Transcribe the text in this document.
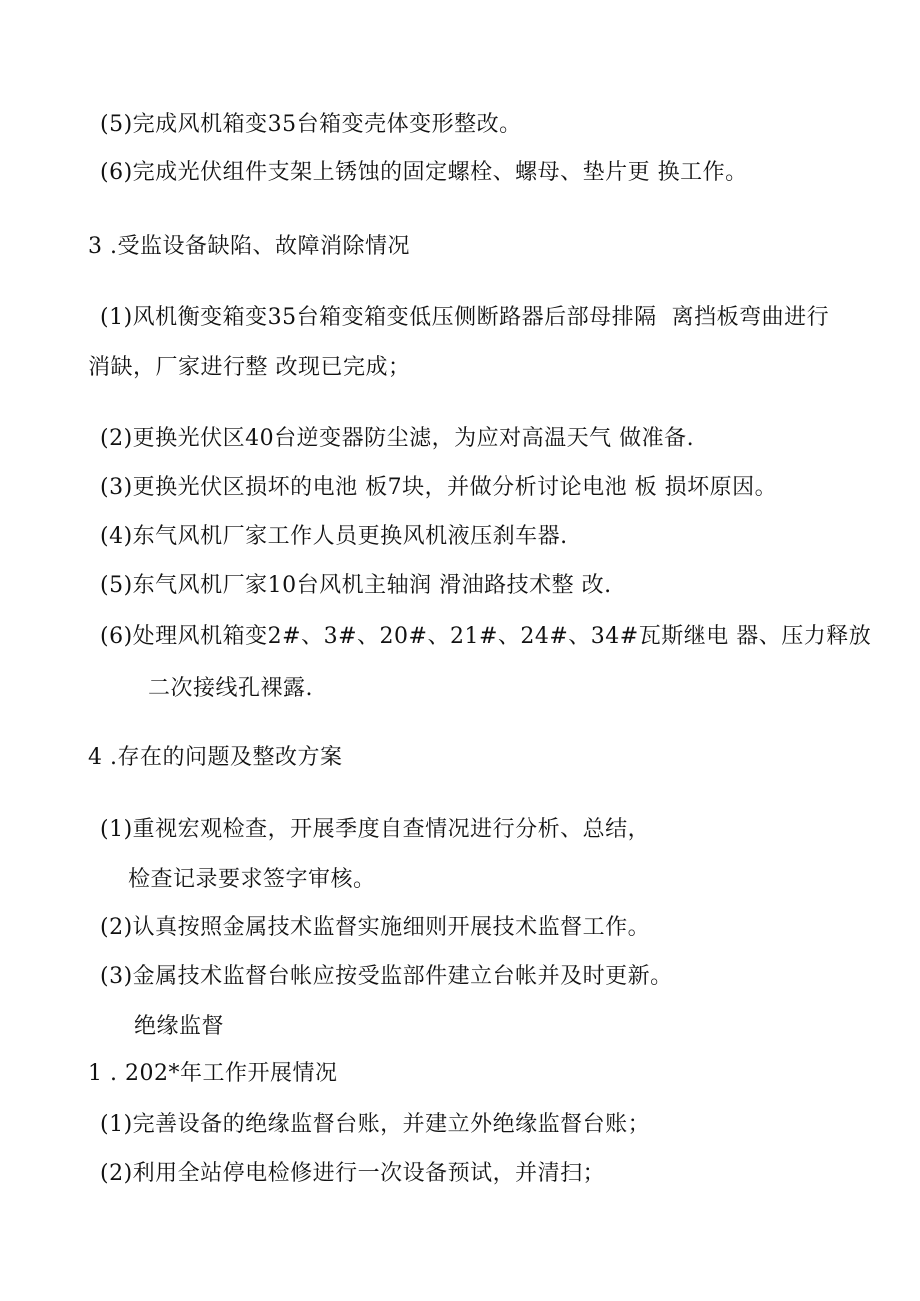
(5)完成风机箱变35台箱变壳体变形整改。
(6)完成光伏组件支架上锈蚀的固定螺栓、螺母、垫片更 换工作。
3 .受监设备缺陷、故障消除情况
(1)风机衡变箱变35台箱变箱变低压侧断路器后部母排隔  离挡板弯曲进行
消缺，厂家进行整 改现已完成；
(2)更换光伏区40台逆变器防尘滤，为应对高温天气 做准备.
(3)更换光伏区损坏的电池 板7块，并做分析讨论电池 板 损坏原因。
(4)东气风机厂家工作人员更换风机液压刹车器.
(5)东气风机厂家10台风机主轴润 滑油路技术整 改.
(6)处理风机箱变2#、3#、20#、21#、24#、34#瓦斯继电 器、压力释放
二次接线孔裸露.
4 .存在的问题及整改方案
(1)重视宏观检查，开展季度自查情况进行分析、总结，
检查记录要求签字审核。
(2)认真按照金属技术监督实施细则开展技术监督工作。
(3)金属技术监督台帐应按受监部件建立台帐并及时更新。
绝缘监督
1 . 202*年工作开展情况
(1)完善设备的绝缘监督台账，并建立外绝缘监督台账；
(2)利用全站停电检修进行一次设备预试，并清扫；
